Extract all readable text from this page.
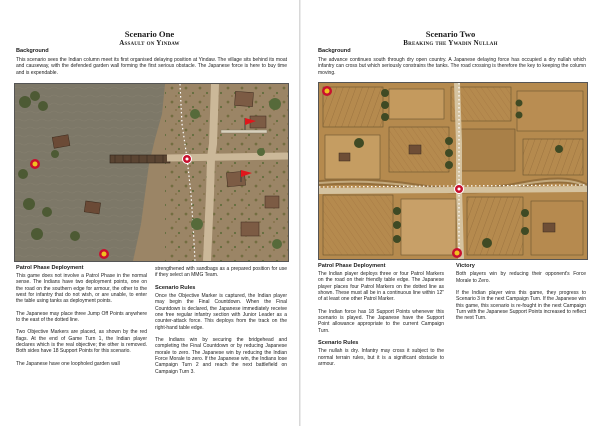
Scenario One
Assault on Yindaw
Background
This scenario sees the Indian column meet its first organised delaying position at Yindaw. The village sits behind its moat and causeway, with the defended garden wall forming the first serious obstacle. The Japanese force is here to buy time and is expendable.
Patrol Phase Deployment

This game does not involve a Patrol Phase in the normal sense. The Indians have two deployment points, one on the road on the southern edge for armour, the other to the west for infantry that do not wish, or are unable, to enter the table using tanks as deployment points.

The Japanese may place three Jump Off Points anywhere to the east of the dotted line.

Two Objective Markers are placed, as shown by the red flags. At the end of Game Turn 1, the Indian player declares which is the real objective; the other is removed. Both sides have 18 Support Points for this scenario.

The Japanese have one loopholed garden wall

strengthened with sandbags as a prepared position for use if they select an MMG Team.

Scenario Rules

Once the Objective Marker is captured, the Indian player may begin the Final Countdown. When the Final Countdown is declared, the Japanese immediately receive one free regular infantry section with Junior Leader as a counter-attack force. This deploys from the track on the right-hand table edge.

The Indians win by securing the bridgehead and completing the Final Countdown or by reducing Japanese morale to zero. The Japanese win by reducing the Indian Force Morale to zero. If the Japanese win, the Indians lose Campaign Turn 2 and reach the next battlefield on Campaign Turn 3.

Scenario Two
Breaking the Ywadin Nullah
Background
The advance continues south through dry open country. A Japanese delaying force has occupied a dry nullah which infantry can cross but which seriously constrains the tanks. The road crossing is therefore the key to keeping the column moving.
Patrol Phase Deployment

The Indian player deploys three or four Patrol Markers on the road on their friendly table edge. The Japanese player places four Patrol Markers on the dotted line as shown. These must all be in a continuous line within 12" of at least one other Patrol Marker.

The Indian force has 18 Support Points whenever this scenario is played. The Japanese have the Support Point allowance appropriate to the current Campaign Turn.

Scenario Rules

The nullah is dry. Infantry may cross it subject to the normal terrain rules, but it is a significant obstacle to armour.

Victory

Both players win by reducing their opponent's Force Morale to Zero.

If the Indian player wins this game, they progress to Scenario 3 in the next Campaign Turn. If the Japanese win this game, this scenario is re-fought in the next Campaign Turn with the Japanese Support Points increased to reflect the next Turn.
